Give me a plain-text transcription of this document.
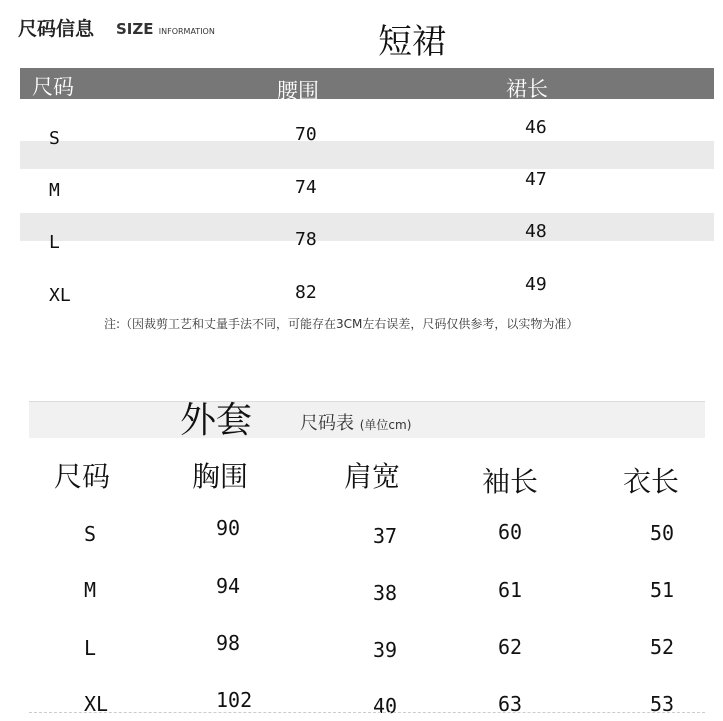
尺码信息 SIZE INFORMATION	短裙
尺码	腰围	裙长
S	70	46
M	74	47
L	78	48
XL	82	49
注:（因裁剪工艺和丈量手法不同，可能存在3CM左右误差，尺码仅供参考，以实物为准）
外套	尺码表 (单位cm)
尺码	胸围	肩宽	袖长	衣长
S	90	37	60	50
M	94	38	61	51
L	98	39	62	52
XL	102	40	63	53
